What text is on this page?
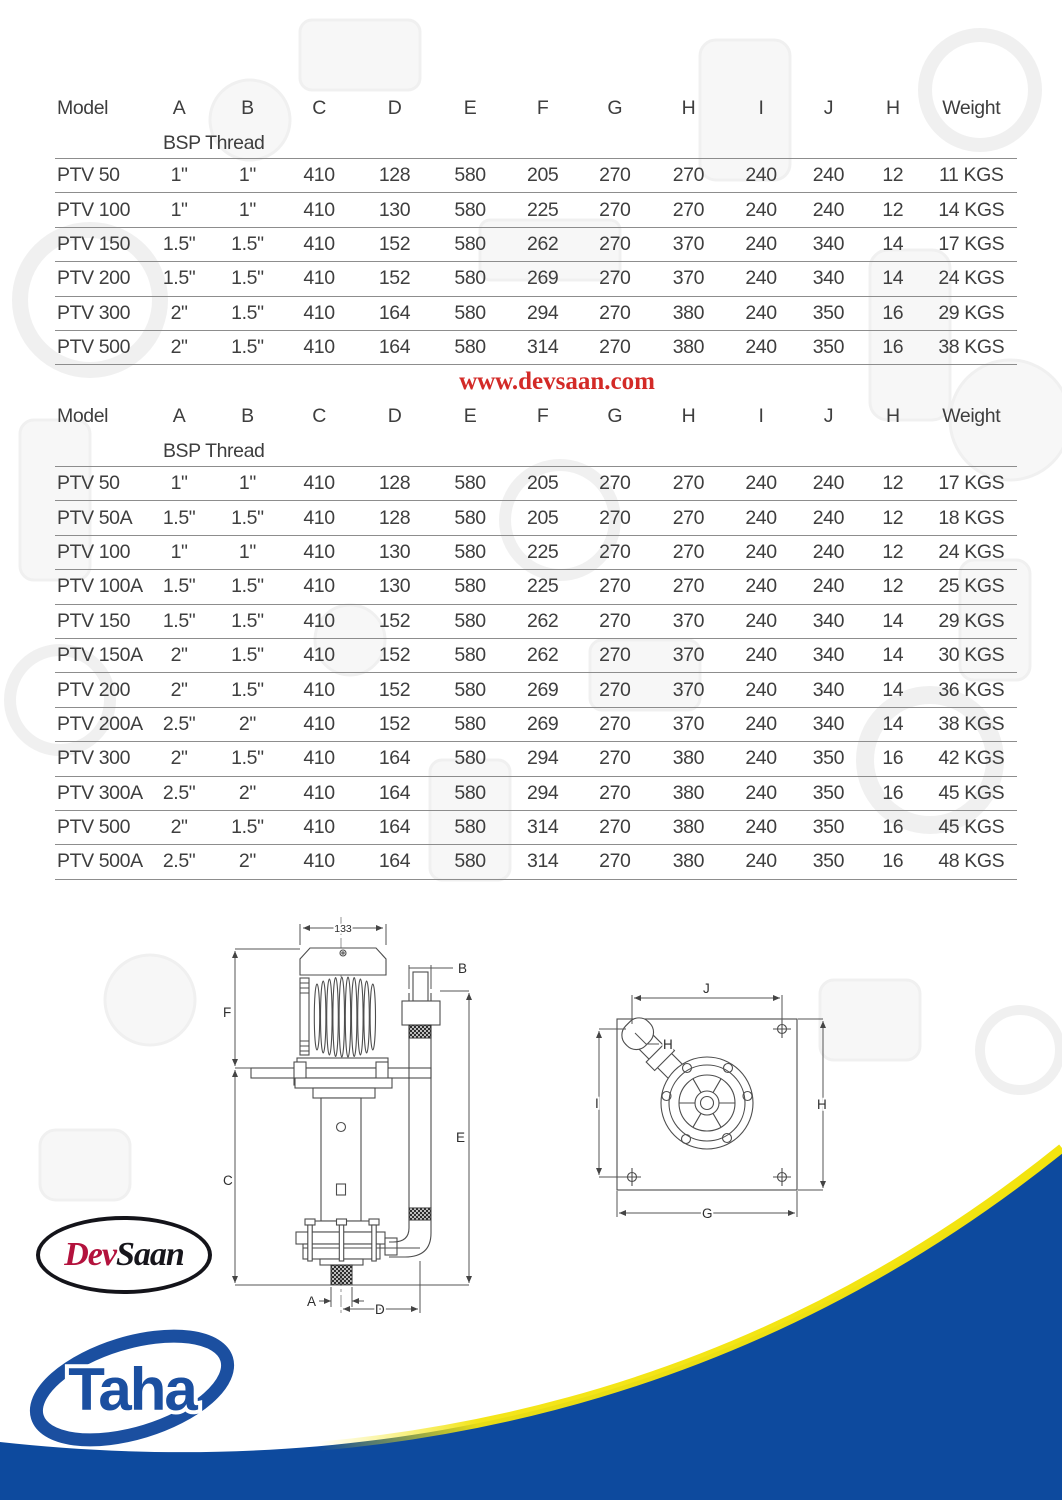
Model	A	B	C	D	E	F	G	H	I	J	H	Weight
	BSP Thread											
PTV 50	1"	1"	410	128	580	205	270	270	240	240	12	11 KGS
PTV 100	1"	1"	410	130	580	225	270	270	240	240	12	14 KGS
PTV 150	1.5"	1.5"	410	152	580	262	270	370	240	340	14	17 KGS
PTV 200	1.5"	1.5"	410	152	580	269	270	370	240	340	14	24 KGS
PTV 300	2"	1.5"	410	164	580	294	270	380	240	350	16	29 KGS
PTV 500	2"	1.5"	410	164	580	314	270	380	240	350	16	38 KGS
www.devsaan.com
Model	A	B	C	D	E	F	G	H	I	J	H	Weight
	BSP Thread											
PTV 50	1"	1"	410	128	580	205	270	270	240	240	12	17 KGS
PTV 50A	1.5"	1.5"	410	128	580	205	270	270	240	240	12	18 KGS
PTV 100	1"	1"	410	130	580	225	270	270	240	240	12	24 KGS
PTV 100A	1.5"	1.5"	410	130	580	225	270	270	240	240	12	25 KGS
PTV 150	1.5"	1.5"	410	152	580	262	270	370	240	340	14	29 KGS
PTV 150A	2"	1.5"	410	152	580	262	270	370	240	340	14	30 KGS
PTV 200	2"	1.5"	410	152	580	269	270	370	240	340	14	36 KGS
PTV 200A	2.5"	2"	410	152	580	269	270	370	240	340	14	38 KGS
PTV 300	2"	1.5"	410	164	580	294	270	380	240	350	16	42 KGS
PTV 300A	2.5"	2"	410	164	580	294	270	380	240	350	16	45 KGS
PTV 500	2"	1.5"	410	164	580	314	270	380	240	350	16	45 KGS
PTV 500A	2.5"	2"	410	164	580	314	270	380	240	350	16	48 KGS
133
B
F
C
E
A
D
J
H
I	H
G
Dev Saan
Taha
